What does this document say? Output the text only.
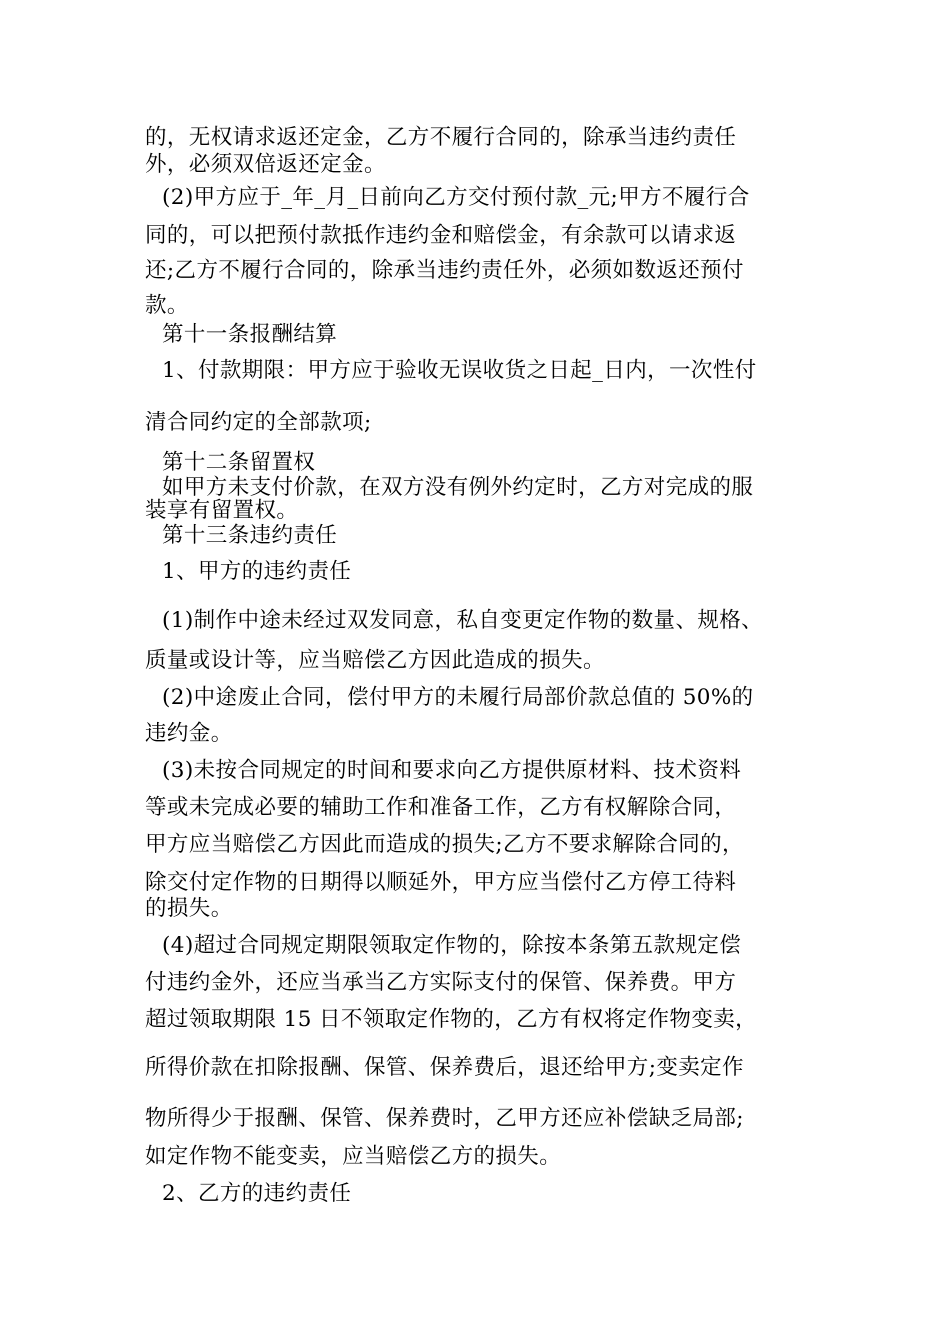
的，无权请求返还定金，乙方不履行合同的，除承当违约责任
外，必须双倍返还定金。
(2)甲方应于_年_月_日前向乙方交付预付款_元;甲方不履行合
同的，可以把预付款抵作违约金和赔偿金，有余款可以请求返
还;乙方不履行合同的，除承当违约责任外，必须如数返还预付
款。
第十一条报酬结算
1、付款期限：甲方应于验收无误收货之日起_日内，一次性付
清合同约定的全部款项;
第十二条留置权
如甲方未支付价款，在双方没有例外约定时，乙方对完成的服
装享有留置权。
第十三条违约责任
1、甲方的违约责任
(1)制作中途未经过双发同意，私自变更定作物的数量、规格、
质量或设计等，应当赔偿乙方因此造成的损失。
(2)中途废止合同，偿付甲方的未履行局部价款总值的 50%的
违约金。
(3)未按合同规定的时间和要求向乙方提供原材料、技术资料
等或未完成必要的辅助工作和准备工作，乙方有权解除合同，
甲方应当赔偿乙方因此而造成的损失;乙方不要求解除合同的，
除交付定作物的日期得以顺延外，甲方应当偿付乙方停工待料
的损失。
(4)超过合同规定期限领取定作物的，除按本条第五款规定偿
付违约金外，还应当承当乙方实际支付的保管、保养费。甲方
超过领取期限 15 日不领取定作物的，乙方有权将定作物变卖，
所得价款在扣除报酬、保管、保养费后，退还给甲方;变卖定作
物所得少于报酬、保管、保养费时，乙甲方还应补偿缺乏局部;
如定作物不能变卖，应当赔偿乙方的损失。
2、乙方的违约责任
